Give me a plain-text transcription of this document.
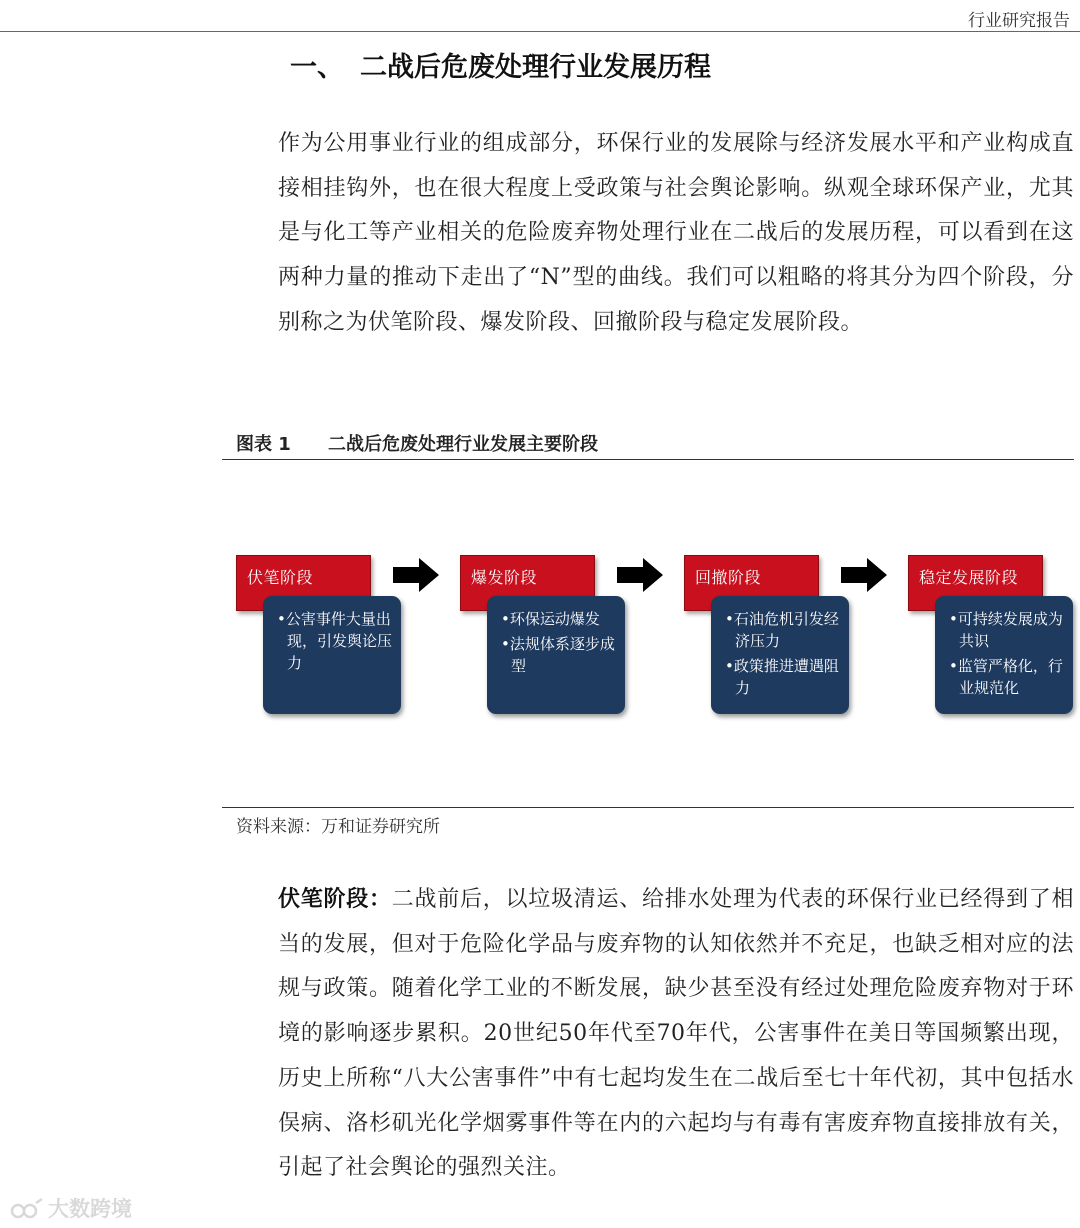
行业研究报告
一、 二战后危废处理行业发展历程
作为公用事业行业的组成部分，环保行业的发展除与经济发展水平和产业构成直接相挂钩外，也在很大程度上受政策与社会舆论影响。纵观全球环保产业，尤其是与化工等产业相关的危险废弃物处理行业在二战后的发展历程，可以看到在这两种力量的推动下走出了“N”型的曲线。我们可以粗略的将其分为四个阶段，分别称之为伏笔阶段、爆发阶段、回撤阶段与稳定发展阶段。
图表 1 二战后危废处理行业发展主要阶段
伏笔阶段
•公害事件大量出现，引发舆论压力
爆发阶段
•环保运动爆发
•法规体系逐步成型
回撤阶段
•石油危机引发经济压力
•政策推进遭遇阻力
稳定发展阶段
•可持续发展成为共识
•监管严格化，行业规范化
资料来源：万和证券研究所
伏笔阶段：二战前后，以垃圾清运、给排水处理为代表的环保行业已经得到了相当的发展，但对于危险化学品与废弃物的认知依然并不充足，也缺乏相对应的法规与政策。随着化学工业的不断发展，缺少甚至没有经过处理危险废弃物对于环境的影响逐步累积。20世纪50年代至70年代，公害事件在美日等国频繁出现，历史上所称“八大公害事件”中有七起均发生在二战后至七十年代初，其中包括水俣病、洛杉矶光化学烟雾事件等在内的六起均与有毒有害废弃物直接排放有关，引起了社会舆论的强烈关注。
大数跨境
